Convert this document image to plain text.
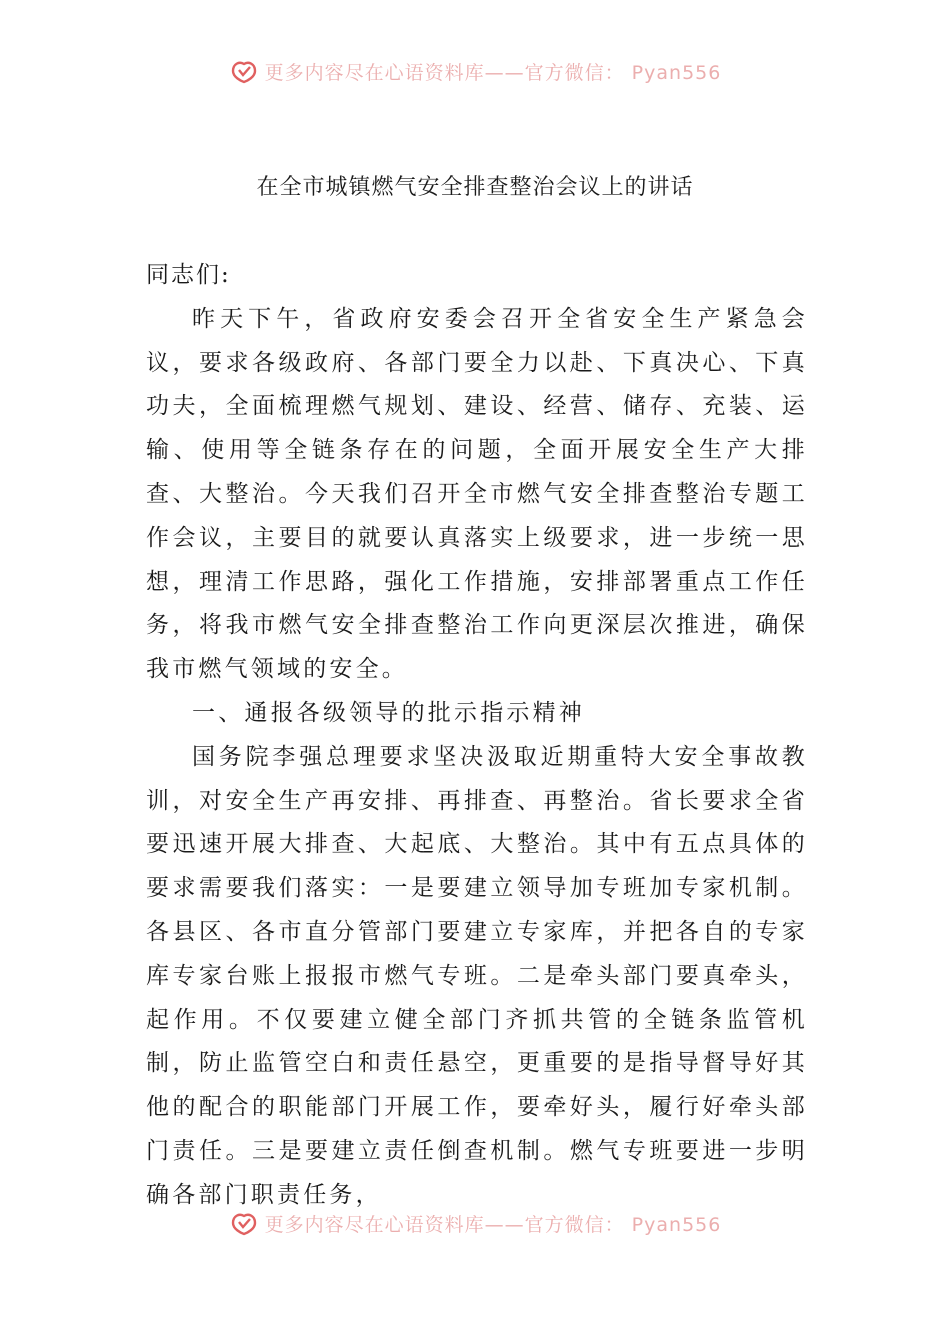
更多内容尽在心语资料库——官方微信： Pyan556
在全市城镇燃气安全排查整治会议上的讲话

同志们:

昨天下午，省政府安委会召开全省安全生产紧急会议，要求各级政府、各部门要全力以赴、下真决心、下真功夫，全面梳理燃气规划、建设、经营、储存、充装、运输、使用等全链条存在的问题，全面开展安全生产大排查、大整治。今天我们召开全市燃气安全排查整治专题工作会议，主要目的就要认真落实上级要求，进一步统一思想，理清工作思路，强化工作措施，安排部署重点工作任务，将我市燃气安全排查整治工作向更深层次推进，确保我市燃气领域的安全。

一、通报各级领导的批示指示精神

国务院李强总理要求坚决汲取近期重特大安全事故教训，对安全生产再安排、再排查、再整治。省长要求全省要迅速开展大排查、大起底、大整治。其中有五点具体的要求需要我们落实：一是要建立领导加专班加专家机制。各县区、各市直分管部门要建立专家库，并把各自的专家库专家台账上报报市燃气专班。二是牵头部门要真牵头，起作用。不仅要建立健全部门齐抓共管的全链条监管机制，防止监管空白和责任悬空，更重要的是指导督导好其他的配合的职能部门开展工作，要牵好头，履行好牵头部门责任。三是要建立责任倒查机制。燃气专班要进一步明确各部门职责任务，

更多内容尽在心语资料库——官方微信： Pyan556
